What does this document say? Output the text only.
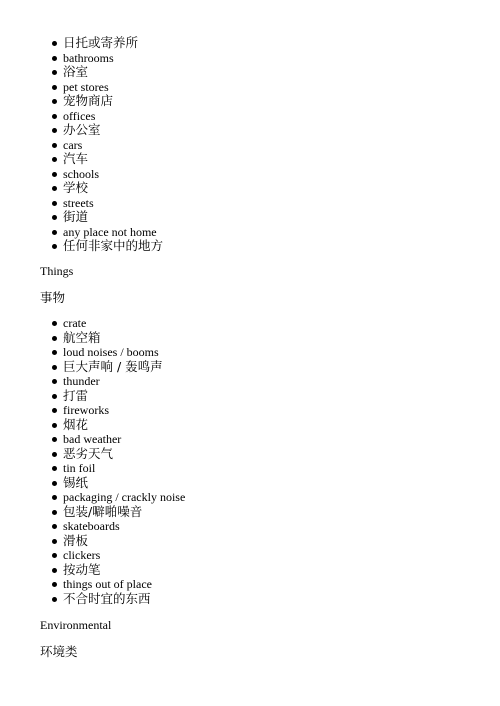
日托或寄养所
bathrooms
浴室
pet stores
宠物商店
offices
办公室
cars
汽车
schools
学校
streets
街道
any place not home
任何非家中的地方
Things
事物
crate
航空箱
loud noises / booms
巨大声响 / 轰鸣声
thunder
打雷
fireworks
烟花
bad weather
恶劣天气
tin foil
锡纸
packaging / crackly noise
包装/噼啪噪音
skateboards
滑板
clickers
按动笔
things out of place
不合时宜的东西
Environmental
环境类
